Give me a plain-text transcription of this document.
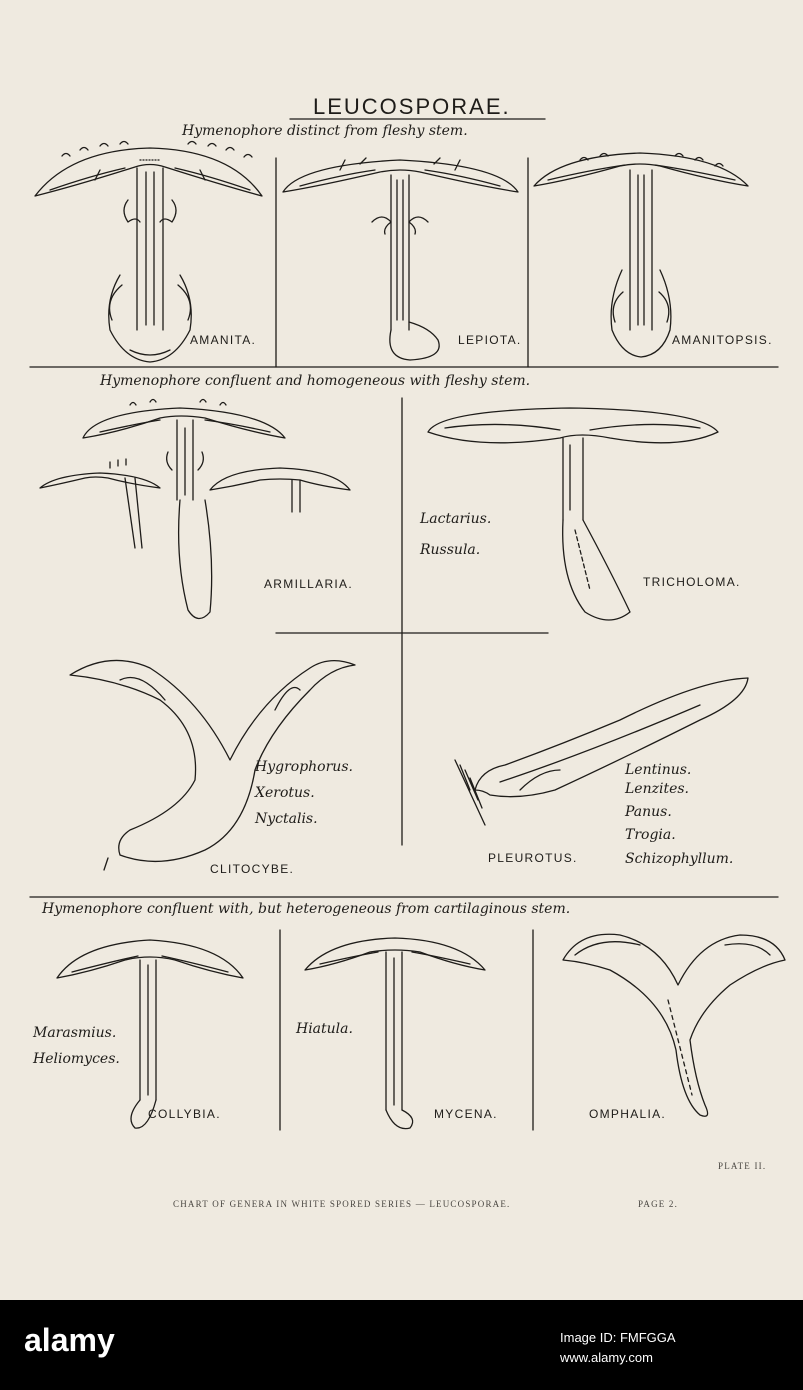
LEUCOSPORAE.
Hymenophore distinct from fleshy stem.
Hymenophore confluent and homogeneous with fleshy stem.
Hymenophore confluent with, but heterogeneous from cartilaginous stem.
AMANITA.	LEPIOTA.	AMANITOPSIS.
ARMILLARIA.	TRICHOLOMA.
CLITOCYBE.
PLEUROTUS.
COLLYBIA.	MYCENA.	OMPHALIA.
Lactarius.
Russula.
Hygrophorus.
Xerotus.
Nyctalis.
Lentinus.
Lenzites.
Panus.
Trogia.
Schizophyllum.
Marasmius.
Heliomyces.
Hiatula.
PLATE II.
CHART OF GENERA IN WHITE SPORED SERIES — LEUCOSPORAE.	PAGE 2.
alamy	Image ID: FMFGGA
www.alamy.com
